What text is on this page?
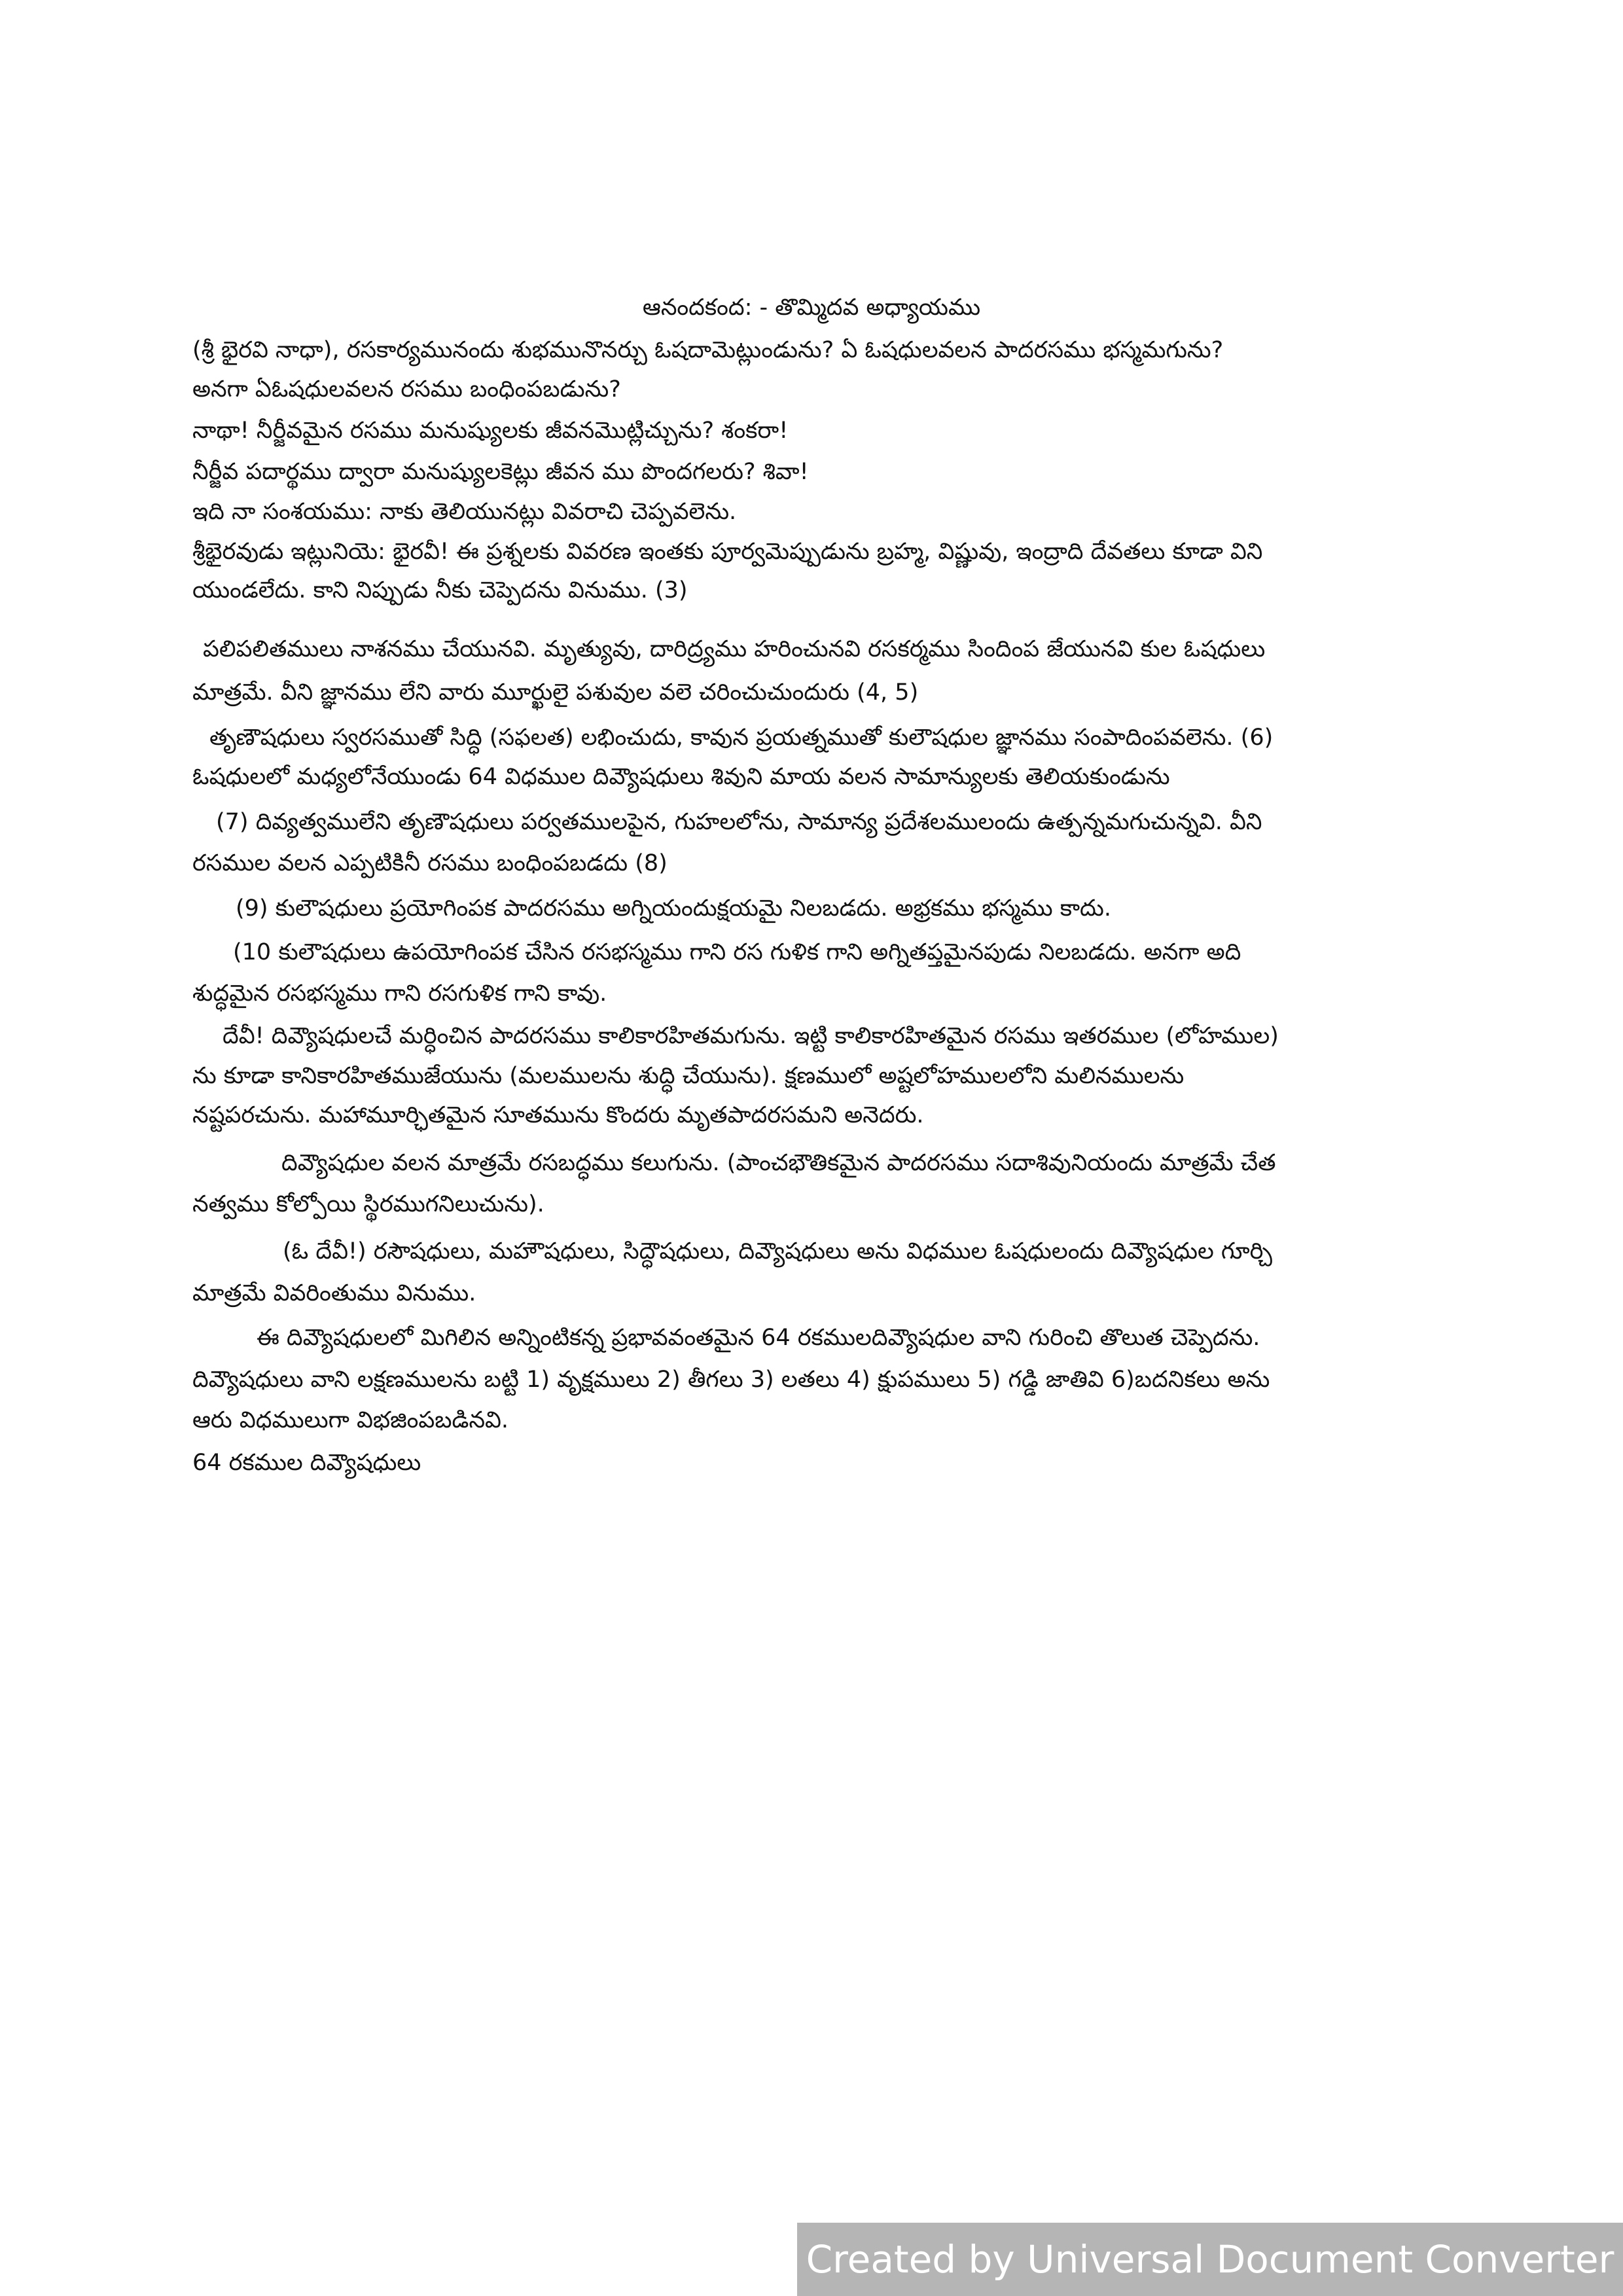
ఆనందకంద: - తొమ్మిదవ అధ్యాయము
(శ్రీ భైరవి నాధా), రసకార్యమునందు శుభమునొనర్చు ఓషదామెట్లుండును? ఏ ఓషధులవలన పాదరసము భస్మమగును?
అనగా ఏఓషధులవలన రసము బంధింపబడును?
నాథా! నీర్జీవమైన రసము మనుష్యులకు జీవనమొట్లిచ్చును? శంకరా!
నీర్జీవ పదార్థము ద్వారా మనుష్యులకెట్లు జీవన ము పొందగలరు? శివా!
ఇది నా సంశయము: నాకు తెలియునట్లు వివరాచి చెప్పవలెను.
శ్రీభైరవుడు ఇట్లునియె: భైరవీ! ఈ ప్రశ్నలకు వివరణ ఇంతకు పూర్వమెప్పుడును బ్రహ్మ, విష్ణువు, ఇంద్రాది దేవతలు కూడా విని
యుండలేదు. కాని నిప్పుడు నీకు చెప్పెదను వినుము. (3)
పలిపలితములు నాశనము చేయునవి. మృత్యువు, దారిద్ర్యము హరించునవి రసకర్మము సిందింప జేయునవి కుల ఓషధులు
మాత్రమే. వీని జ్ఞానము లేని వారు మూర్ఖులై పశువుల వలె చరించుచుందురు (4, 5)
తృణౌషధులు స్వరసముతో సిద్ధి (సఫలత) లభించుదు, కావున ప్రయత్నముతో కులౌషధుల జ్ఞానము సంపాదింపవలెను. (6)
ఓషధులలో మధ్యలోనేయుండు 64 విధముల దివ్యౌషధులు శివుని మాయ వలన సామాన్యులకు తెలియకుండును
(7) దివ్యత్వములేని తృణౌషధులు పర్వతములపైన, గుహలలోను, సామాన్య ప్రదేశలములందు ఉత్పన్నమగుచున్నవి. వీని
రసముల వలన ఎప్పటికినీ రసము బంధింపబడదు (8)
(9) కులౌషధులు ప్రయోగింపక పాదరసము అగ్నియందుక్షయమై నిలబడదు. అభ్రకము భస్మము కాదు.
(10 కులౌషధులు ఉపయోగింపక చేసిన రసభస్మము గాని రస గుళిక గాని అగ్నితప్తమైనపుడు నిలబడదు. అనగా అది
శుద్ధమైన రసభస్మము గాని రసగుళిక గాని కావు.
దేవీ! దివ్యౌషధులచే మర్ధించిన పాదరసము కాలికారహితమగును. ఇట్టి కాలికారహితమైన రసము ఇతరముల (లోహముల)
ను కూడా కానికారహితముజేయును (మలములను శుద్ధి చేయును). క్షణములో అష్టలోహములలోని మలినములను
నష్టపరచును. మహామూర్ఛితమైన సూతమును కొందరు మృతపాదరసమని అనెదరు.
దివ్యౌషధుల వలన మాత్రమే రసబద్ధము కలుగును. (పాంచభౌతికమైన పాదరసము సదాశివునియందు మాత్రమే చేత
నత్వము కోల్పోయి స్థిరముగనిలుచును).
(ఓ దేవీ!) రసౌషధులు, మహౌషధులు, సిద్ధౌషధులు, దివ్యౌషధులు అను విధముల ఓషధులందు దివ్యౌషధుల గూర్చి
మాత్రమే వివరింతుము వినుము.
ఈ దివ్యౌషధులలో మిగిలిన అన్నింటికన్న ప్రభావవంతమైన 64 రకములదివ్యౌషధుల వాని గురించి తొలుత చెప్పెదను.
దివ్యౌషధులు వాని లక్షణములను బట్టి 1) వృక్షములు 2) తీగలు 3) లతలు 4) క్షుపములు 5) గడ్డి జాతివి 6)బదనికలు అను
ఆరు విధములుగా విభజింపబడినవి.
64 రకముల దివ్యౌషధులు
Created by Universal Document Converter
